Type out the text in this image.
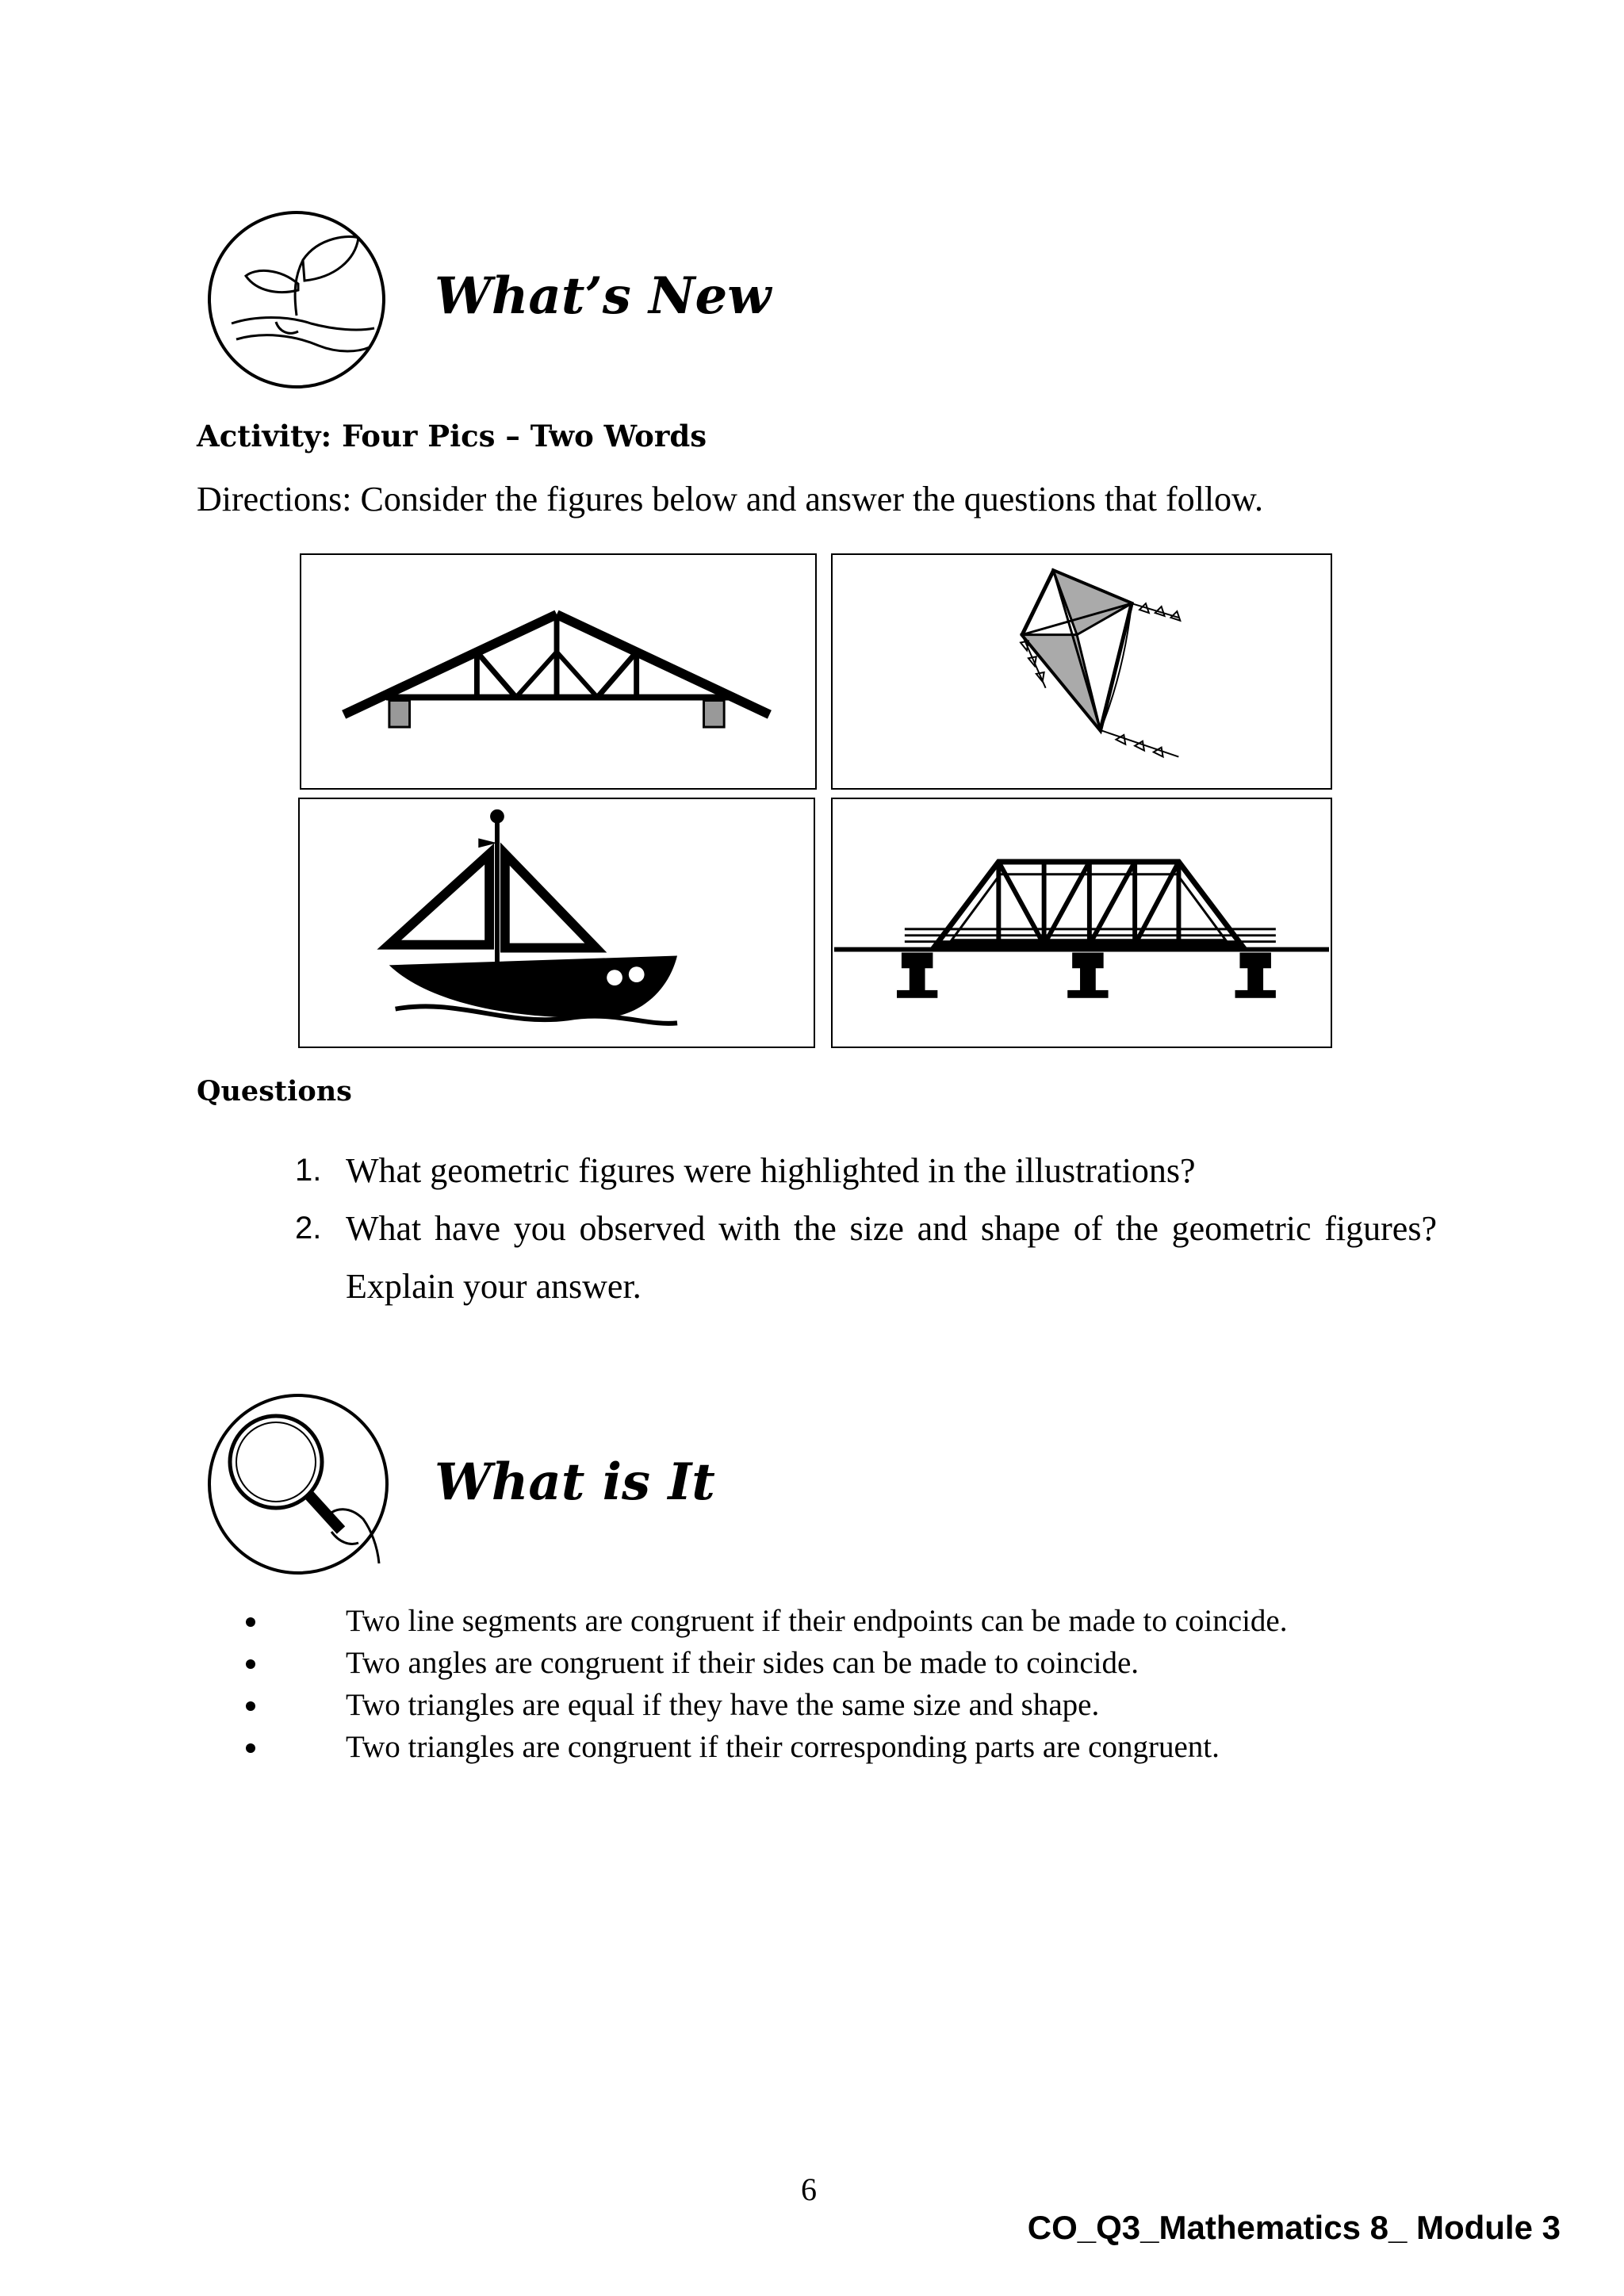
What’s New
Activity: Four Pics – Two Words
Directions: Consider the figures below and answer the questions that follow.
Questions
1. What geometric figures were highlighted in the illustrations?
2. What have you observed with the size and shape of the geometric figures? Explain your answer.
What is It
Two line segments are congruent if their endpoints can be made to coincide.
Two angles are congruent if their sides can be made to coincide.
Two triangles are equal if they have the same size and shape.
Two triangles are congruent if their corresponding parts are congruent.
6
CO_Q3_Mathematics 8_ Module 3
